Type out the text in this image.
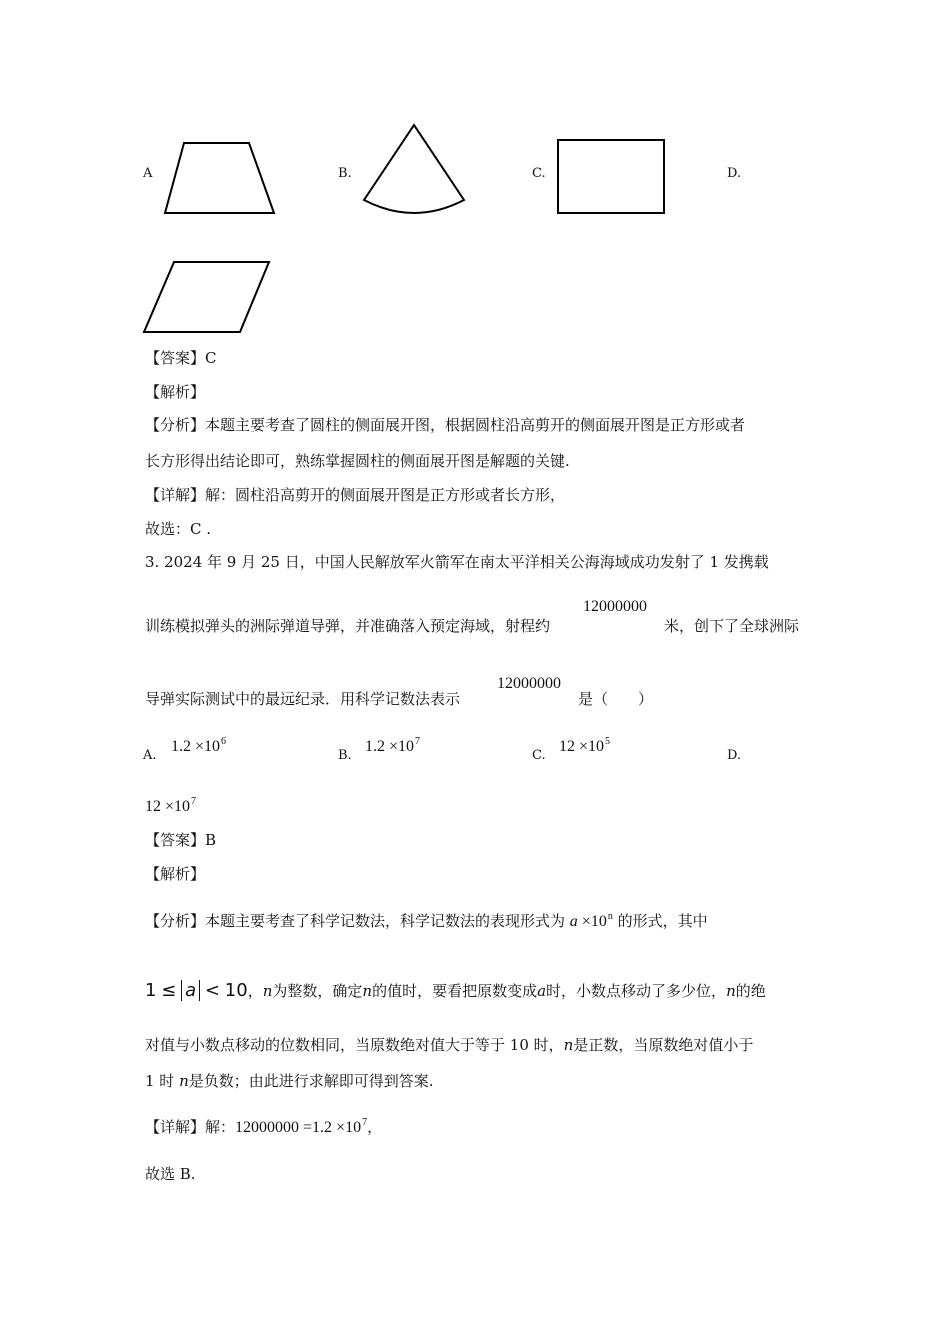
A	B.	C.	D.
【答案】C
【解析】
【分析】本题主要考查了圆柱的侧面展开图，根据圆柱沿高剪开的侧面展开图是正方形或者
长方形得出结论即可，熟练掌握圆柱的侧面展开图是解题的关键.
【详解】解：圆柱沿高剪开的侧面展开图是正方形或者长方形，
故选：C .
3. 2024 年 9 月 25 日，中国人民解放军火箭军在南太平洋相关公海海域成功发射了 1 发携载
训练模拟弹头的洲际弹道导弹，并准确落入预定海域，射程约
12000000
米，创下了全球洲际
导弹实际测试中的最远纪录．用科学记数法表示
12000000
是（　　）
A.
$1.2 \times 10^6$
B.
$1.2 \times 10^7$
C.
$12 \times 10^5$
D.
$12 \times 10^7$
【答案】B
【解析】
【分析】本题主要考查了科学记数法，科学记数法的表现形式为 $a \times 10^n$ 的形式，其中
1 ≤ a < 10，n为整数，确定n的值时，要看把原数变成a时，小数点移动了多少位，n的绝
对值与小数点移动的位数相同，当原数绝对值大于等于 10 时，n是正数，当原数绝对值小于
1 时 n是负数；由此进行求解即可得到答案.
【详解】解：$12000000 =1.2 \times 10^7$，
故选 B.
